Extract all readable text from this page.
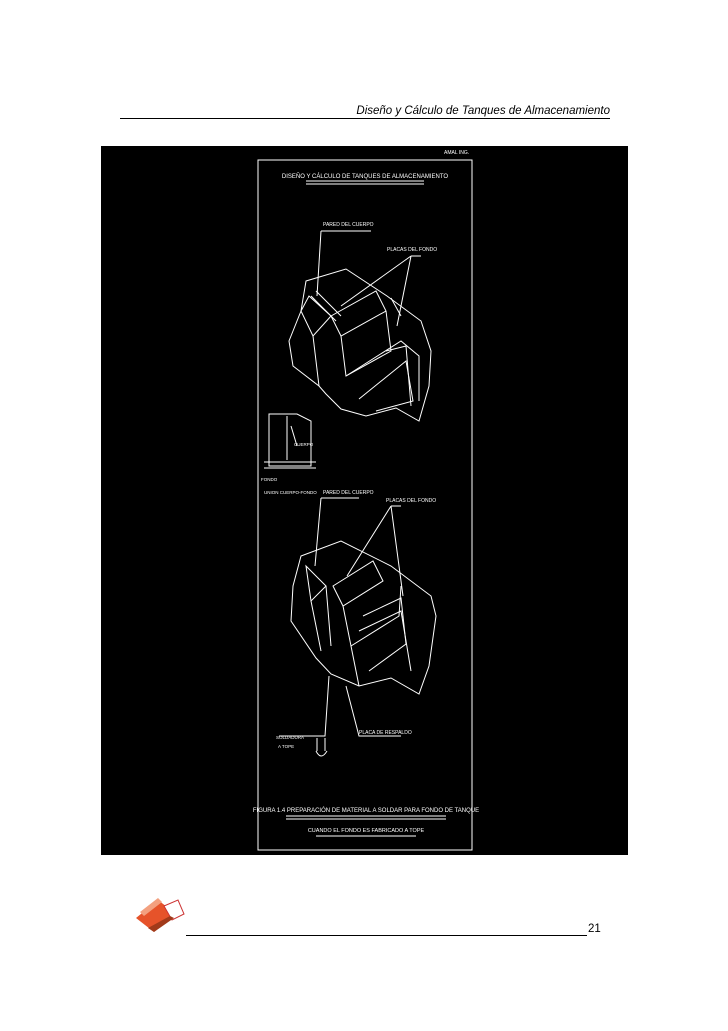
Diseño y Cálculo de Tanques de Almacenamiento
AMAL ING.
DISEÑO Y CÁLCULO DE TANQUES DE ALMACENAMIENTO
PARED DEL CUERPO
PLACAS DEL FONDO
CUERPO
FONDO
UNION CUERPO-FONDO PARED DEL CUERPO
PLACAS DEL FONDO
PLACA DE RESPALDO
SOLDADURA
A TOPE
FIGURA 1.4 PREPARACIÓN DE MATERIAL A SOLDAR PARA FONDO DE TANQUE
CUANDO EL FONDO ES FABRICADO A TOPE
21
